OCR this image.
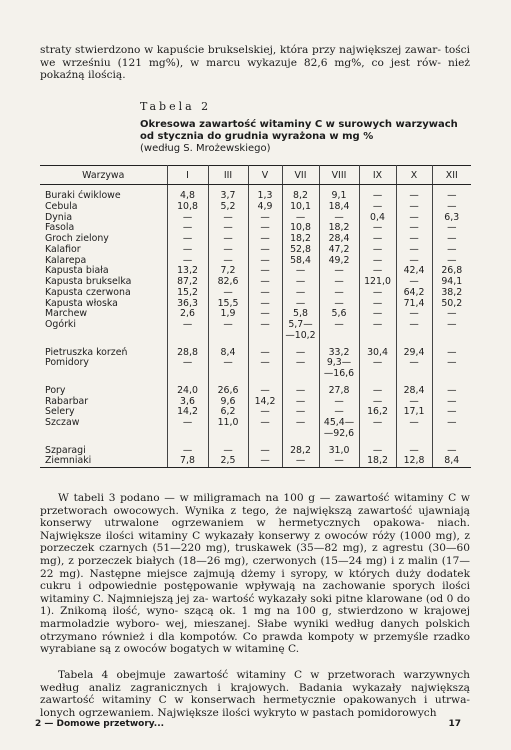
straty stwierdzono w kapuście brukselskiej, która przy największej zawar- tości we wrześniu (121 mg%), w marcu wykazuje 82,6 mg%, co jest rów- nież pokaźną ilością.

Tabela 2
Okresowa zawartość witaminy C w surowych warzywach
od stycznia do grudnia wyrażona w mg %
(według S. Mrożewskiego)
Warzywa	I	III	V	VII	VIII	IX	X	XII

Buraki ćwiklowe	4,8	3,7	1,3	8,2	9,1	—	—	—
Cebula	10,8	5,2	4,9	10,1	18,4	—	—	—
Dynia	—	—	—	—	—	0,4	—	6,3
Fasola	—	—	—	10,8	18,2	—	—	—
Groch zielony	—	—	—	18,2	28,4	—	—	—
Kalafior	—	—	—	52,8	47,2	—	—	—
Kalarepa	—	—	—	58,4	49,2	—	—	—
Kapusta biała	13,2	7,2	—	—	—	—	42,4	26,8
Kapusta brukselka	87,2	82,6	—	—	—	121,0	—	94,1
Kapusta czerwona	15,2	—	—	—	—	—	64,2	38,2
Kapusta włoska	36,3	15,5	—	—	—	—	71,4	50,2
Marchew	2,6	1,9	—	5,8	5,6	—	—	—
Ogórki	—	—	—	5,7—	—	—	—	—
				—10,2				

Pietruszka korzeń	28,8	8,4	—	—	33,2	30,4	29,4	—
Pomidory	—	—	—	—	9,3—	—	—	—
					—16,6			

Pory	24,0	26,6	—	—	27,8	—	28,4	—
Rabarbar	3,6	9,6	14,2	—	—	—	—	—
Selery	14,2	6,2	—	—	—	16,2	17,1	—
Szczaw	—	11,0	—	—	45,4—	—	—	—
					—92,6			

Szparagi	—	—	—	28,2	31,0	—	—	—
Ziemniaki	7,8	2,5	—	—	—	18,2	12,8	8,4

W tabeli 3 podano — w miligramach na 100 g — zawartość witaminy C w przetworach owocowych. Wynika z tego, że największą zawartość ujawniają konserwy utrwalone ogrzewaniem w hermetycznych opakowa- niach. Największe ilości witaminy C wykazały konserwy z owoców róży (1000 mg), z porzeczek czarnych (51—220 mg), truskawek (35—82 mg), z agrestu (30—60 mg), z porzeczek białych (18—26 mg), czerwonych (15—24 mg) i z malin (17—22 mg). Następne miejsce zajmują dżemy i syropy, w których duży dodatek cukru i odpowiednie postępowanie wpływają na zachowanie sporych ilości witaminy C. Najmniejszą jej za- wartość wykazały soki pitne klarowane (od 0 do 1). Znikomą ilość, wyno- szącą ok. 1 mg na 100 g, stwierdzono w krajowej marmoladzie wyboro- wej, mieszanej. Słabe wyniki według danych polskich otrzymano również i dla kompotów. Co prawda kompoty w przemyśle rzadko wyrabiane są z owoców bogatych w witaminę C.

Tabela 4 obejmuje zawartość witaminy C w przetworach warzywnych według analiz zagranicznych i krajowych. Badania wykazały największą zawartość witaminy C w konserwach hermetycznie opakowanych i utrwa- lonych ogrzewaniem. Największe ilości wykryto w pastach pomidorowych

2 — Domowe przetwory...	17
